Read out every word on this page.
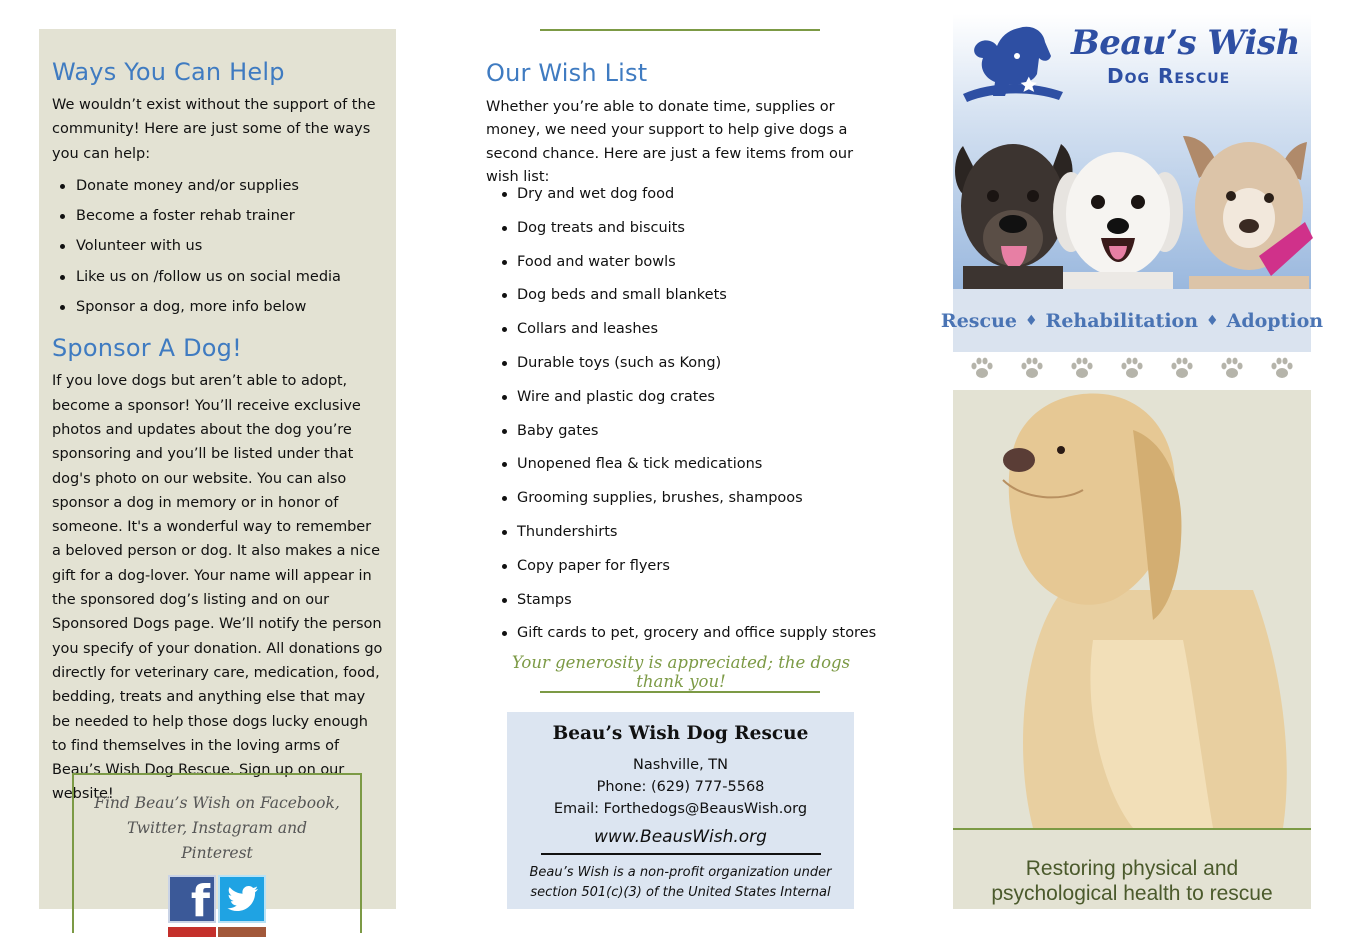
Ways You Can Help

We wouldn’t exist without the support of the community! Here are just some of the ways you can help:

Donate money and/or supplies
Become a foster rehab trainer
Volunteer with us
Like us on /follow us on social media
Sponsor a dog, more info below
Sponsor A Dog!

If you love dogs but aren’t able to adopt, become a sponsor! You’ll receive exclusive photos and updates about the dog you’re sponsoring and you’ll be listed under that dog's photo on our website. You can also sponsor a dog in memory or in honor of someone. It's a wonderful way to remember a beloved person or dog. It also makes a nice gift for a dog-lover. Your name will appear in the sponsored dog’s listing and on our Sponsored Dogs page. We’ll notify the person you specify of your donation. All donations go directly for veterinary care, medication, food, bedding, treats and anything else that may be needed to help those dogs lucky enough to find themselves in the loving arms of Beau’s Wish Dog Rescue. Sign up on our website!

Find Beau’s Wish on Facebook, Twitter, Instagram and Pinterest

f
Our Wish List

Whether you’re able to donate time, supplies or money, we need your support to help give dogs a second chance. Here are just a few items from our wish list:

Dry and wet dog food
Dog treats and biscuits
Food and water bowls
Dog beds and small blankets
Collars and leashes
Durable toys (such as Kong)
Wire and plastic dog crates
Baby gates
Unopened flea & tick medications
Grooming supplies, brushes, shampoos
Thundershirts
Copy paper for flyers
Stamps
Gift cards to pet, grocery and office supply stores

Your generosity is appreciated; the dogs thank you!

Beau’s Wish Dog Rescue
Nashville, TN
Phone: (629) 777-5568
Email: Forthedogs@BeausWish.org
www.BeausWish.org

Beau’s Wish is a non-profit organization under section 501(c)(3) of the United States Internal

Beau’s Wish
Dog Rescue
Rescue ♦ Rehabilitation ♦ Adoption

Restoring physical and psychological health to rescue
